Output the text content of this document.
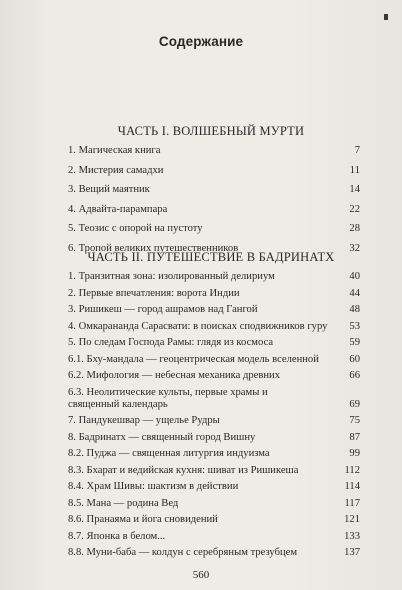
Содержание
ЧАСТЬ I. ВОЛШЕБНЫЙ МУРТИ
1. Магическая книга	7
2. Мистерия самадхи	11
3. Вещий маятник	14
4. Адвайта-парампара	22
5. Теозис с опорой на пустоту	28
6. Тропой великих путешественников	32
ЧАСТЬ II. ПУТЕШЕСТВИЕ В БАДРИНАТХ
1. Транзитная зона: изолированный делириум	40
2. Первые впечатления: ворота Индии	44
3. Ришикеш — город ашрамов над Гангой	48
4. Омкарананда Сарасвати: в поисках сподвижников гуру	53
5. По следам Господа Рамы: глядя из космоса	59
6.1. Бху-мандала — геоцентрическая модель вселенной	60
6.2. Мифология — небесная механика древних	66
6.3. Неолитические культы, первые храмы и священный календарь	69
7. Пандукешвар — ущелье Рудры	75
8. Бадринатх — священный город Вишну	87
8.2. Пуджа — священная литургия индуизма	99
8.3. Бхарат и ведийская кухня: шиват из Ришикеша	112
8.4. Храм Шивы: шактизм в действии	114
8.5. Мана — родина Вед	117
8.6. Пранаяма и йога сновидений	121
8.7. Японка в белом...	133
8.8. Муни-баба — колдун с серебряным трезубцем	137
560
